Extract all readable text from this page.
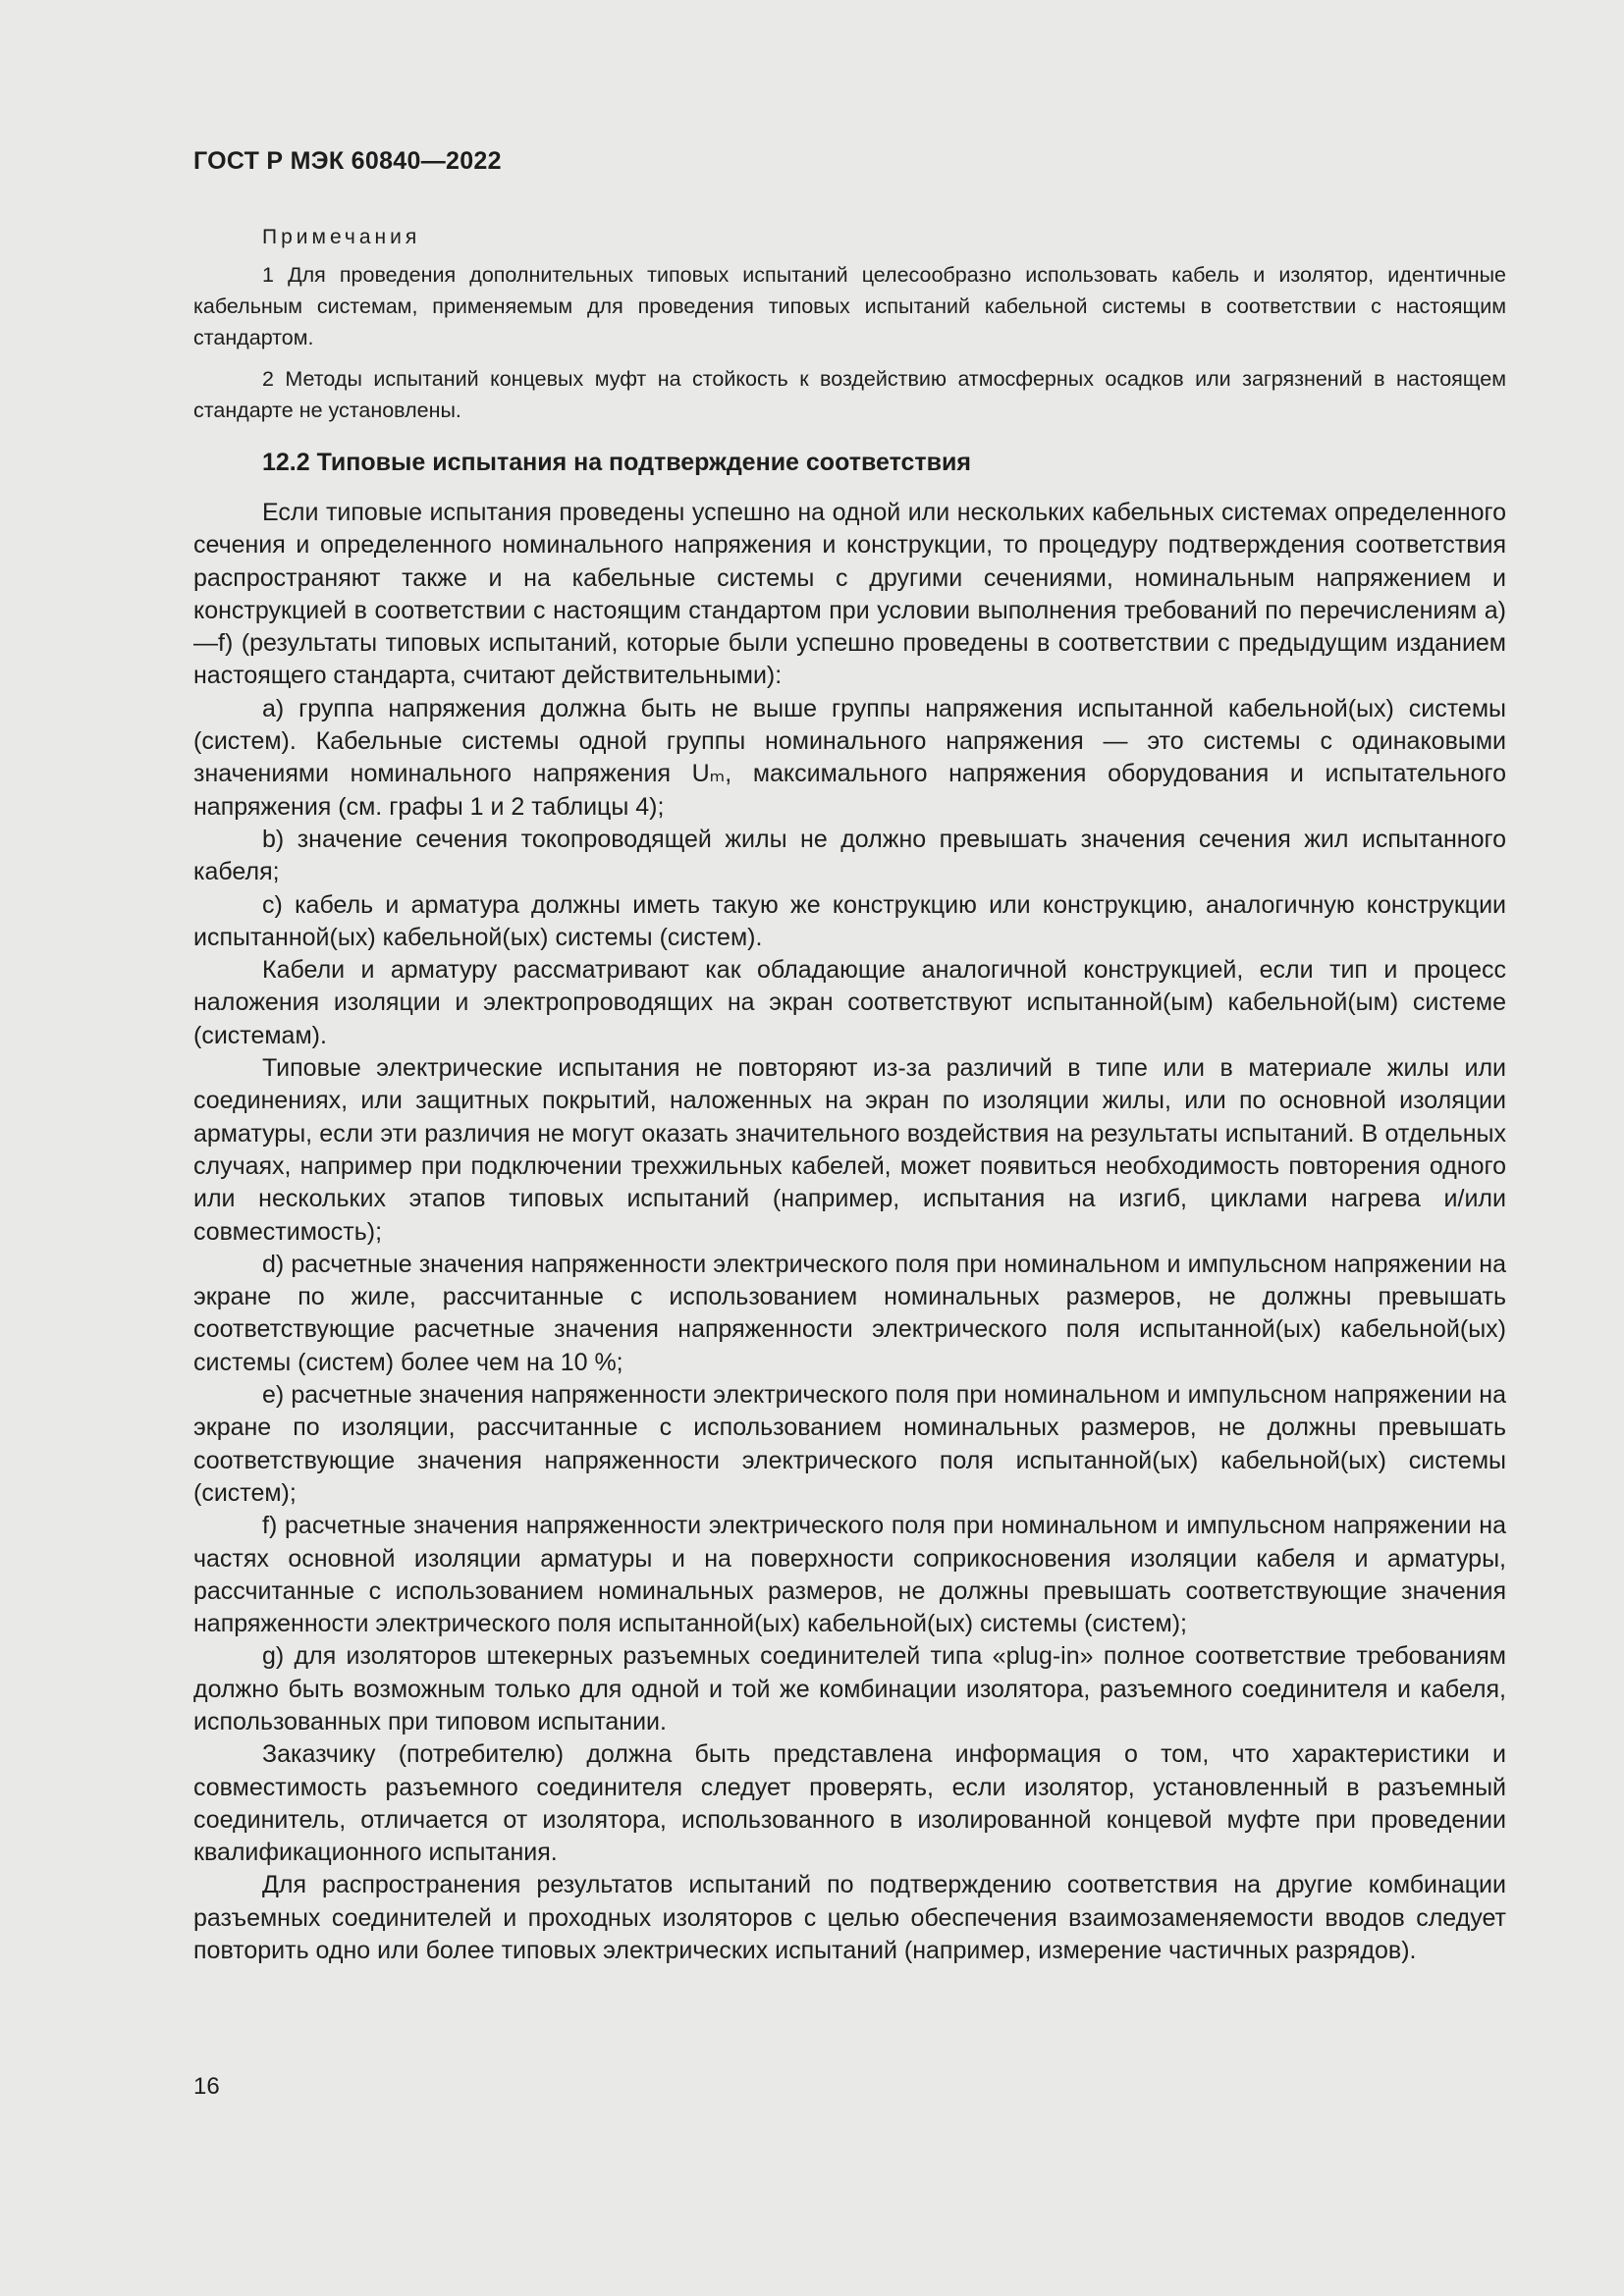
ГОСТ Р МЭК 60840—2022
Примечания

1 Для проведения дополнительных типовых испытаний целесообразно использовать кабель и изолятор, идентичные кабельным системам, применяемым для проведения типовых испытаний кабельной системы в соответствии с настоящим стандартом.

2 Методы испытаний концевых муфт на стойкость к воздействию атмосферных осадков или загрязнений в настоящем стандарте не установлены.

12.2 Типовые испытания на подтверждение соответствия

Если типовые испытания проведены успешно на одной или нескольких кабельных системах определенного сечения и определенного номинального напряжения и конструкции, то процедуру подтверждения соответствия распространяют также и на кабельные системы с другими сечениями, номинальным напряжением и конструкцией в соответствии с настоящим стандартом при условии выполнения требований по перечислениям а)—f) (результаты типовых испытаний, которые были успешно проведены в соответствии с предыдущим изданием настоящего стандарта, считают действительными):

a) группа напряжения должна быть не выше группы напряжения испытанной кабельной(ых) системы (систем). Кабельные системы одной группы номинального напряжения — это системы с одинаковыми значениями номинального напряжения Uₘ, максимального напряжения оборудования и испытательного напряжения (см. графы 1 и 2 таблицы 4);

b) значение сечения токопроводящей жилы не должно превышать значения сечения жил испытанного кабеля;

c) кабель и арматура должны иметь такую же конструкцию или конструкцию, аналогичную конструкции испытанной(ых) кабельной(ых) системы (систем).

Кабели и арматуру рассматривают как обладающие аналогичной конструкцией, если тип и процесс наложения изоляции и электропроводящих на экран соответствуют испытанной(ым) кабельной(ым) системе (системам).

Типовые электрические испытания не повторяют из-за различий в типе или в материале жилы или соединениях, или защитных покрытий, наложенных на экран по изоляции жилы, или по основной изоляции арматуры, если эти различия не могут оказать значительного воздействия на результаты испытаний. В отдельных случаях, например при подключении трехжильных кабелей, может появиться необходимость повторения одного или нескольких этапов типовых испытаний (например, испытания на изгиб, циклами нагрева и/или совместимость);

d) расчетные значения напряженности электрического поля при номинальном и импульсном напряжении на экране по жиле, рассчитанные с использованием номинальных размеров, не должны превышать соответствующие расчетные значения напряженности электрического поля испытанной(ых) кабельной(ых) системы (систем) более чем на 10 %;

e) расчетные значения напряженности электрического поля при номинальном и импульсном напряжении на экране по изоляции, рассчитанные с использованием номинальных размеров, не должны превышать соответствующие значения напряженности электрического поля испытанной(ых) кабельной(ых) системы (систем);

f) расчетные значения напряженности электрического поля при номинальном и импульсном напряжении на частях основной изоляции арматуры и на поверхности соприкосновения изоляции кабеля и арматуры, рассчитанные с использованием номинальных размеров, не должны превышать соответствующие значения напряженности электрического поля испытанной(ых) кабельной(ых) системы (систем);

g) для изоляторов штекерных разъемных соединителей типа «plug-in» полное соответствие требованиям должно быть возможным только для одной и той же комбинации изолятора, разъемного соединителя и кабеля, использованных при типовом испытании.

Заказчику (потребителю) должна быть представлена информация о том, что характеристики и совместимость разъемного соединителя следует проверять, если изолятор, установленный в разъемный соединитель, отличается от изолятора, использованного в изолированной концевой муфте при проведении квалификационного испытания.

Для распространения результатов испытаний по подтверждению соответствия на другие комбинации разъемных соединителей и проходных изоляторов с целью обеспечения взаимозаменяемости вводов следует повторить одно или более типовых электрических испытаний (например, измерение частичных разрядов).

16
